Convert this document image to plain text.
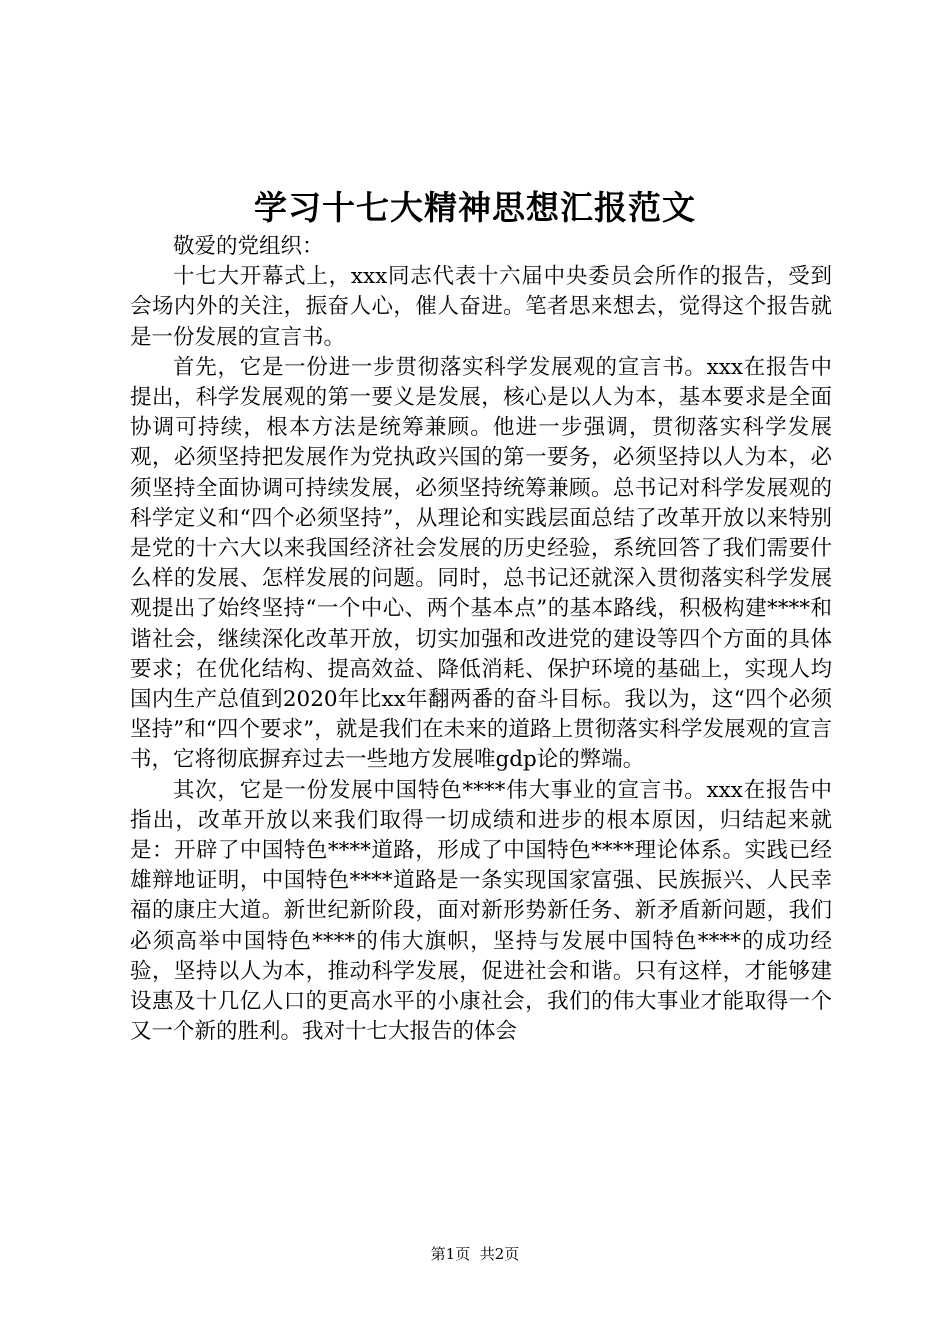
学习十七大精神思想汇报范文

敬爱的党组织：

十七大开幕式上，xxx同志代表十六届中央委员会所作的报告，受到会场内外的关注，振奋人心，催人奋进。笔者思来想去，觉得这个报告就是一份发展的宣言书。

首先，它是一份进一步贯彻落实科学发展观的宣言书。xxx在报告中提出，科学发展观的第一要义是发展，核心是以人为本，基本要求是全面协调可持续，根本方法是统筹兼顾。他进一步强调，贯彻落实科学发展观，必须坚持把发展作为党执政兴国的第一要务，必须坚持以人为本，必须坚持全面协调可持续发展，必须坚持统筹兼顾。总书记对科学发展观的科学定义和“四个必须坚持”，从理论和实践层面总结了改革开放以来特别是党的十六大以来我国经济社会发展的历史经验，系统回答了我们需要什么样的发展、怎样发展的问题。同时，总书记还就深入贯彻落实科学发展观提出了始终坚持“一个中心、两个基本点”的基本路线，积极构建****和谐社会，继续深化改革开放，切实加强和改进党的建设等四个方面的具体要求；在优化结构、提高效益、降低消耗、保护环境的基础上，实现人均国内生产总值到2020年比xx年翻两番的奋斗目标。我以为，这“四个必须坚持”和“四个要求”，就是我们在未来的道路上贯彻落实科学发展观的宣言书，它将彻底摒弃过去一些地方发展唯gdp论的弊端。

其次，它是一份发展中国特色****伟大事业的宣言书。xxx在报告中指出，改革开放以来我们取得一切成绩和进步的根本原因，归结起来就是：开辟了中国特色****道路，形成了中国特色****理论体系。实践已经雄辩地证明，中国特色****道路是一条实现国家富强、民族振兴、人民幸福的康庄大道。新世纪新阶段，面对新形势新任务、新矛盾新问题，我们必须高举中国特色****的伟大旗帜，坚持与发展中国特色****的成功经验，坚持以人为本，推动科学发展，促进社会和谐。只有这样，才能够建设惠及十几亿人口的更高水平的小康社会，我们的伟大事业才能取得一个又一个新的胜利。我对十七大报告的体会

第1页 共2页
